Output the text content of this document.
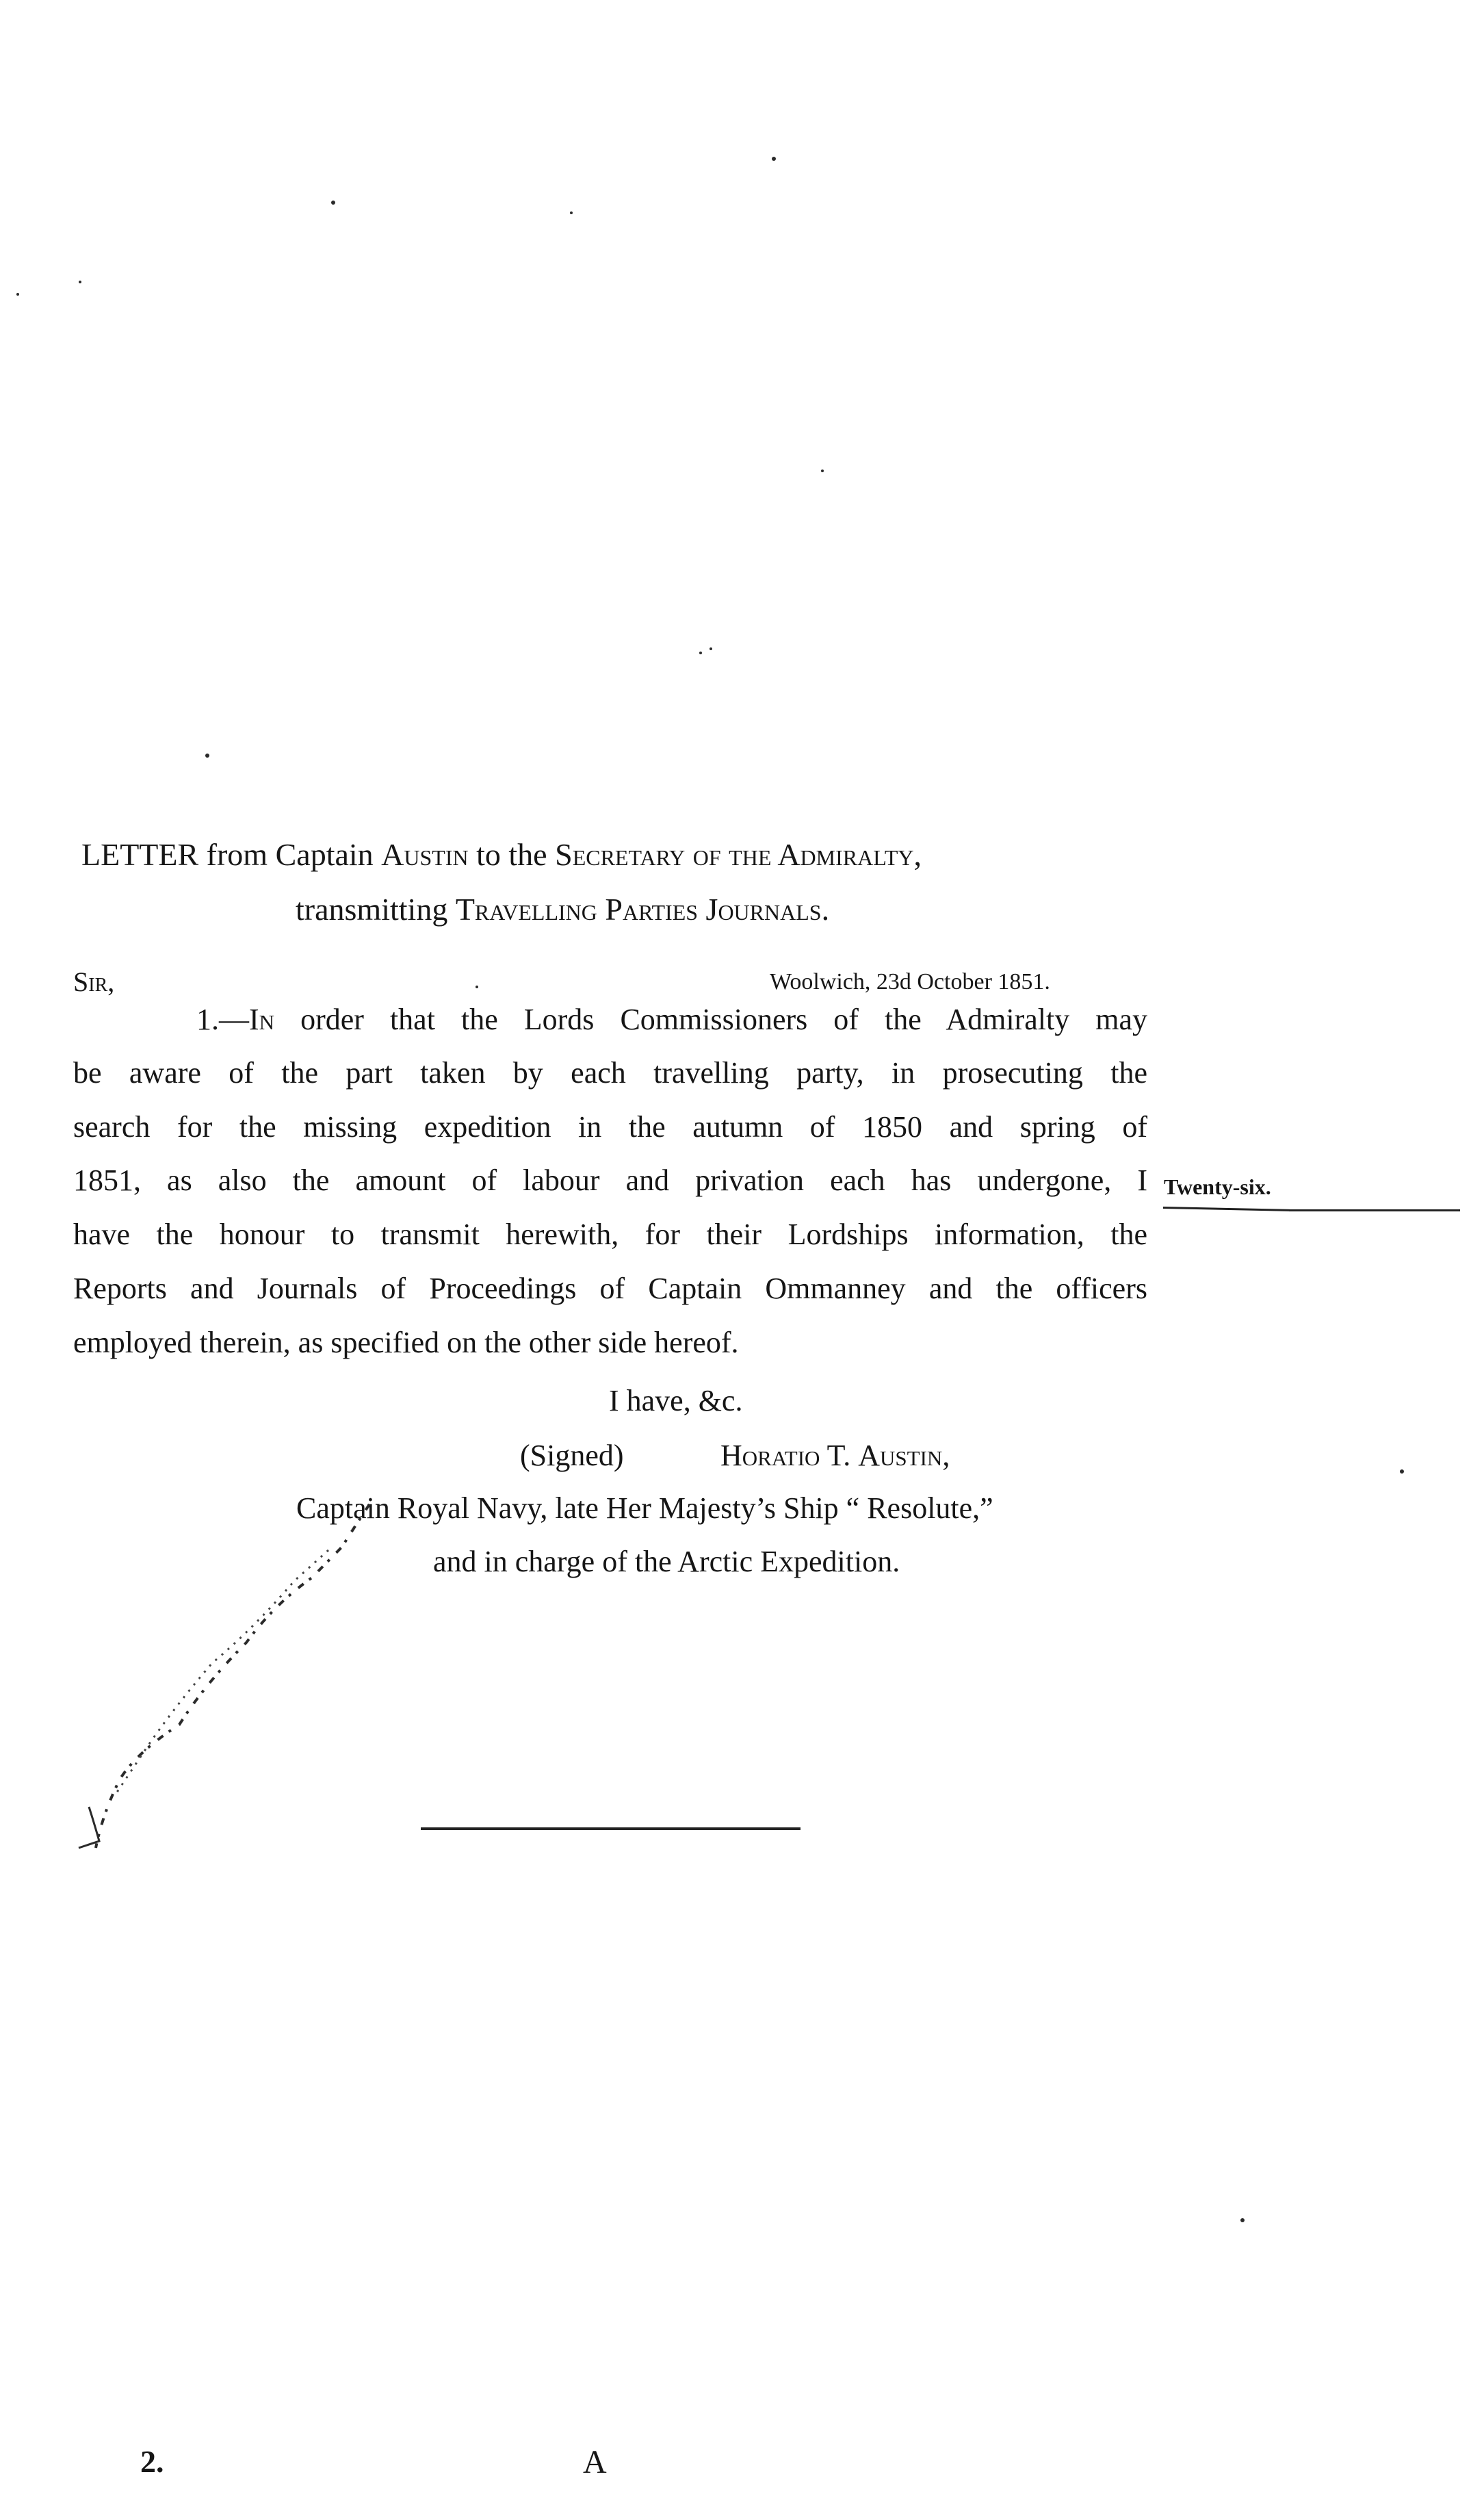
LETTER from Captain Austin to the Secretary of the Admiralty,
transmitting Travelling Parties Journals.
Sir,	Woolwich, 23d October 1851.
1.—In order that the Lords Commissioners of the Admiralty may
be aware of the part taken by each travelling party, in prosecuting the
search for the missing expedition in the autumn of 1850 and spring of
1851, as also the amount of labour and privation each has undergone, I
have the honour to transmit herewith, for their Lordships information, the
Reports and Journals of Proceedings of Captain Ommanney and the officers
employed therein, as specified on the other side hereof.
Twenty-six.
I have, &c.
(Signed)	Horatio T. Austin,
Captain Royal Navy, late Her Majesty’s Ship “ Resolute,”
and in charge of the Arctic Expedition.
2.	A
